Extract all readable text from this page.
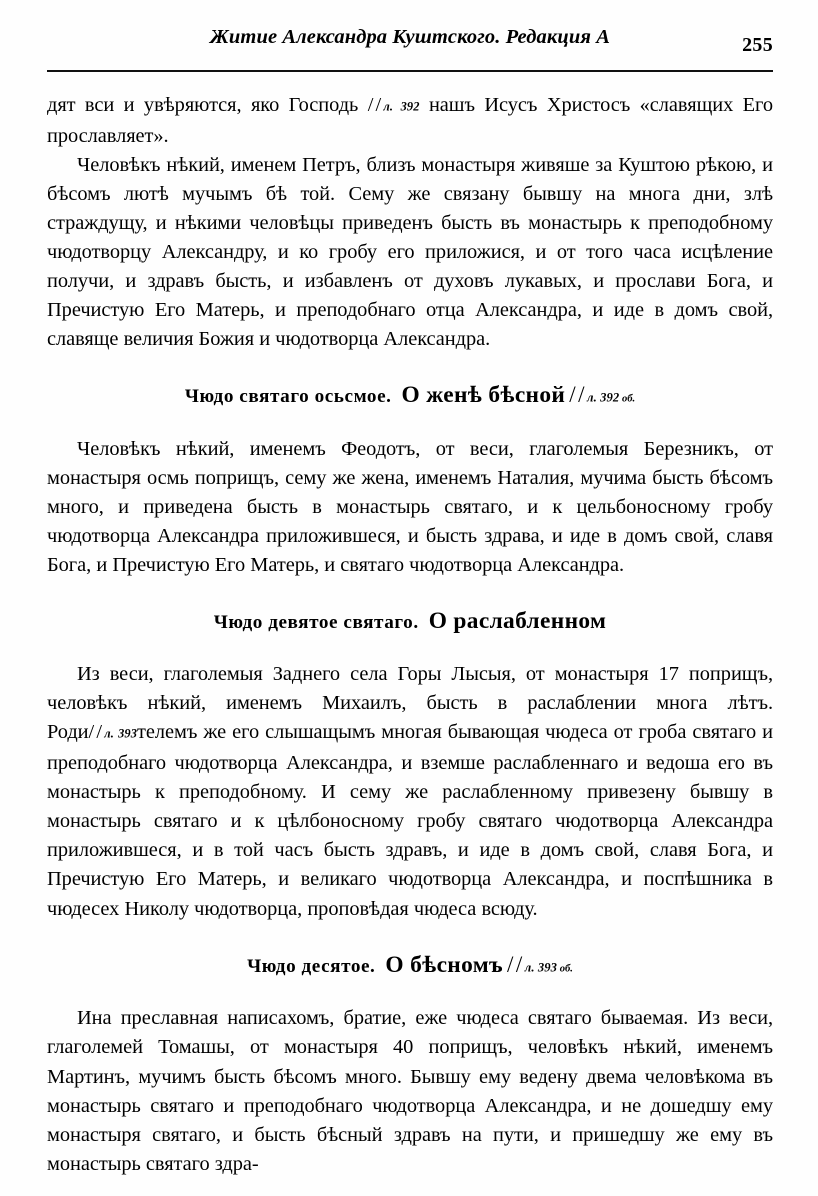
Житие Александра Куштского. Редакция А	255

дят вси и увѣряются, яко Господь //л. 392 нашъ Исусъ Христосъ «славящих Его прославляет».

Человѣкъ нѣкий, именем Петръ, близъ монастыря живяше за Куштою рѣкою, и бѣсомъ лютѣ мучымъ бѣ той. Сему же связану бывшу на многа дни, злѣ страждущу, и нѣкими человѣцы приведенъ бысть въ монастырь к преподобному чюдотворцу Александру, и ко гробу его приложися, и от того часа исцѣление получи, и здравъ бысть, и избавленъ от духовъ лукавых, и прослави Бога, и Пречистую Его Матерь, и преподобнаго отца Александра, и иде в домъ свой, славяще величия Божия и чюдотворца Александра.

Чюдо святаго осьсмое. О женѣ бѣсной //л. 392 об.

Человѣкъ нѣкий, именемъ Феодотъ, от веси, глаголемыя Березникъ, от монастыря осмь поприщъ, сему же жена, именемъ Наталия, мучима бысть бѣсомъ много, и приведена бысть в монастырь святаго, и к цельбоносному гробу чюдотворца Александра приложившеся, и бысть здрава, и иде в домъ свой, славя Бога, и Пречистую Его Матерь, и святаго чюдотворца Александра.

Чюдо девятое святаго. О раслабленном

Из веси, глаголемыя Заднего села Горы Лысыя, от монастыря 17 поприщъ, человѣкъ нѣкий, именемъ Михаилъ, бысть в раслаблении многа лѣтъ. Роди//л. 393телемъ же его слышащымъ многая бывающая чюдеса от гроба святаго и преподобнаго чюдотворца Александра, и вземше раслабленнаго и ведоша его въ монастырь к преподобному. И сему же раслабленному привезену бывшу в монастырь святаго и к цѣлбоносному гробу святаго чюдотворца Александра приложившеся, и в той часъ бысть здравъ, и иде в домъ свой, славя Бога, и Пречистую Его Матерь, и великаго чюдотворца Александра, и поспѣшника в чюдесех Николу чюдотворца, проповѣдая чюдеса всюду.

Чюдо десятое. О бѣсномъ //л. 393 об.

Ина преславная написахомъ, братие, еже чюдеса святаго бываемая. Из веси, глаголемей Томашы, от монастыря 40 поприщъ, человѣкъ нѣкий, именемъ Мартинъ, мучимъ бысть бѣсомъ много. Бывшу ему ведену двема человѣкома въ монастырь святаго и преподобнаго чюдотворца Александра, и не дошедшу ему монастыря святаго, и бысть бѣсный здравъ на пути, и пришедшу же ему въ монастырь святаго здра-
